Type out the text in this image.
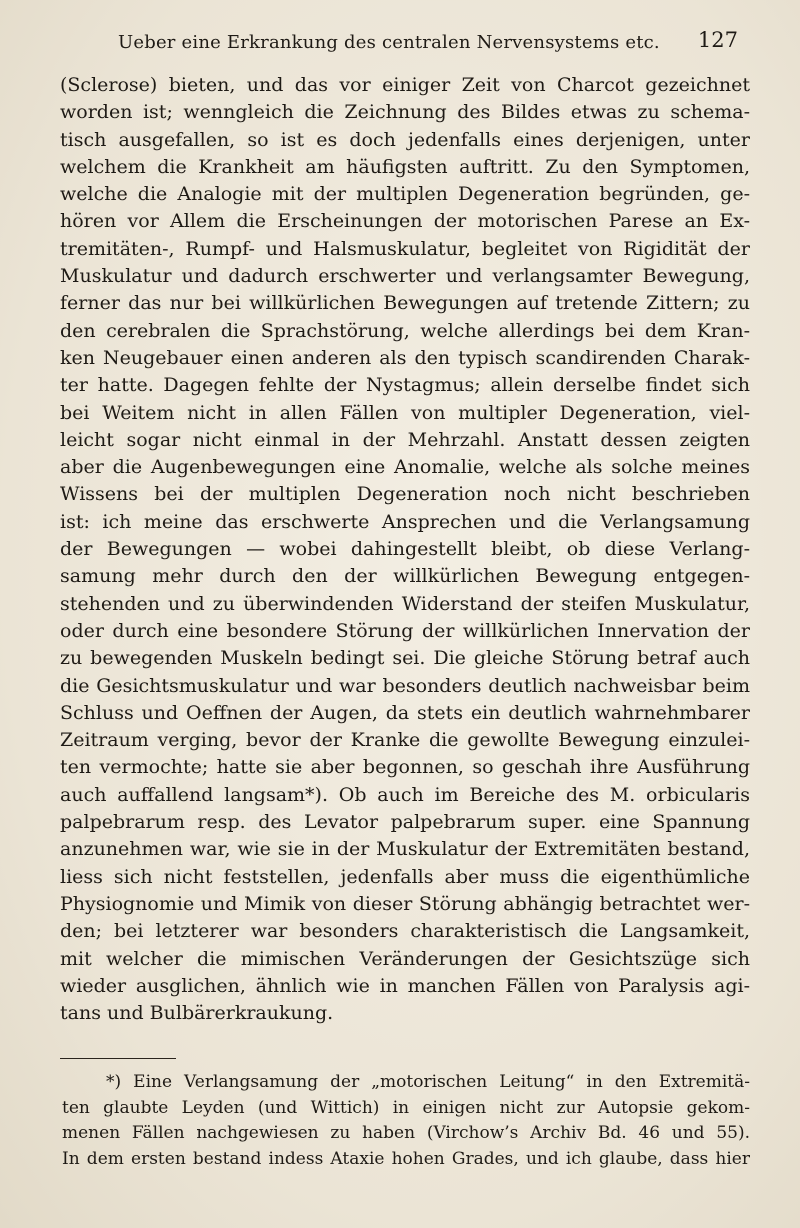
Ueber eine Erkrankung des centralen Nervensystems etc. 127
(Sclerose) bieten, und das vor einiger Zeit von Charcot gezeichnet
worden ist; wenngleich die Zeichnung des Bildes etwas zu schema-
tisch ausgefallen, so ist es doch jedenfalls eines derjenigen, unter
welchem die Krankheit am häufigsten auftritt. Zu den Symptomen,
welche die Analogie mit der multiplen Degeneration begründen, ge-
hören vor Allem die Erscheinungen der motorischen Parese an Ex-
tremitäten-, Rumpf- und Halsmuskulatur, begleitet von Rigidität der
Muskulatur und dadurch erschwerter und verlangsamter Bewegung,
ferner das nur bei willkürlichen Bewegungen auf tretende Zittern; zu
den cerebralen die Sprachstörung, welche allerdings bei dem Kran-
ken Neugebauer einen anderen als den typisch scandirenden Charak-
ter hatte. Dagegen fehlte der Nystagmus; allein derselbe findet sich
bei Weitem nicht in allen Fällen von multipler Degeneration, viel-
leicht sogar nicht einmal in der Mehrzahl. Anstatt dessen zeigten
aber die Augenbewegungen eine Anomalie, welche als solche meines
Wissens bei der multiplen Degeneration noch nicht beschrieben
ist: ich meine das erschwerte Ansprechen und die Verlangsamung
der Bewegungen — wobei dahingestellt bleibt, ob diese Verlang-
samung mehr durch den der willkürlichen Bewegung entgegen-
stehenden und zu überwindenden Widerstand der steifen Muskulatur,
oder durch eine besondere Störung der willkürlichen Innervation der
zu bewegenden Muskeln bedingt sei. Die gleiche Störung betraf auch
die Gesichtsmuskulatur und war besonders deutlich nachweisbar beim
Schluss und Oeffnen der Augen, da stets ein deutlich wahrnehmbarer
Zeitraum verging, bevor der Kranke die gewollte Bewegung einzulei-
ten vermochte; hatte sie aber begonnen, so geschah ihre Ausführung
auch auffallend langsam*). Ob auch im Bereiche des M. orbicularis
palpebrarum resp. des Levator palpebrarum super. eine Spannung
anzunehmen war, wie sie in der Muskulatur der Extremitäten bestand,
liess sich nicht feststellen, jedenfalls aber muss die eigenthümliche
Physiognomie und Mimik von dieser Störung abhängig betrachtet wer-
den; bei letzterer war besonders charakteristisch die Langsamkeit,
mit welcher die mimischen Veränderungen der Gesichtszüge sich
wieder ausglichen, ähnlich wie in manchen Fällen von Paralysis agi-
tans und Bulbärerkraukung.
*) Eine Verlangsamung der „motorischen Leitung“ in den Extremitä-
ten glaubte Leyden (und Wittich) in einigen nicht zur Autopsie gekom-
menen Fällen nachgewiesen zu haben (Virchow’s Archiv Bd. 46 und 55).
In dem ersten bestand indess Ataxie hohen Grades, und ich glaube, dass hier
